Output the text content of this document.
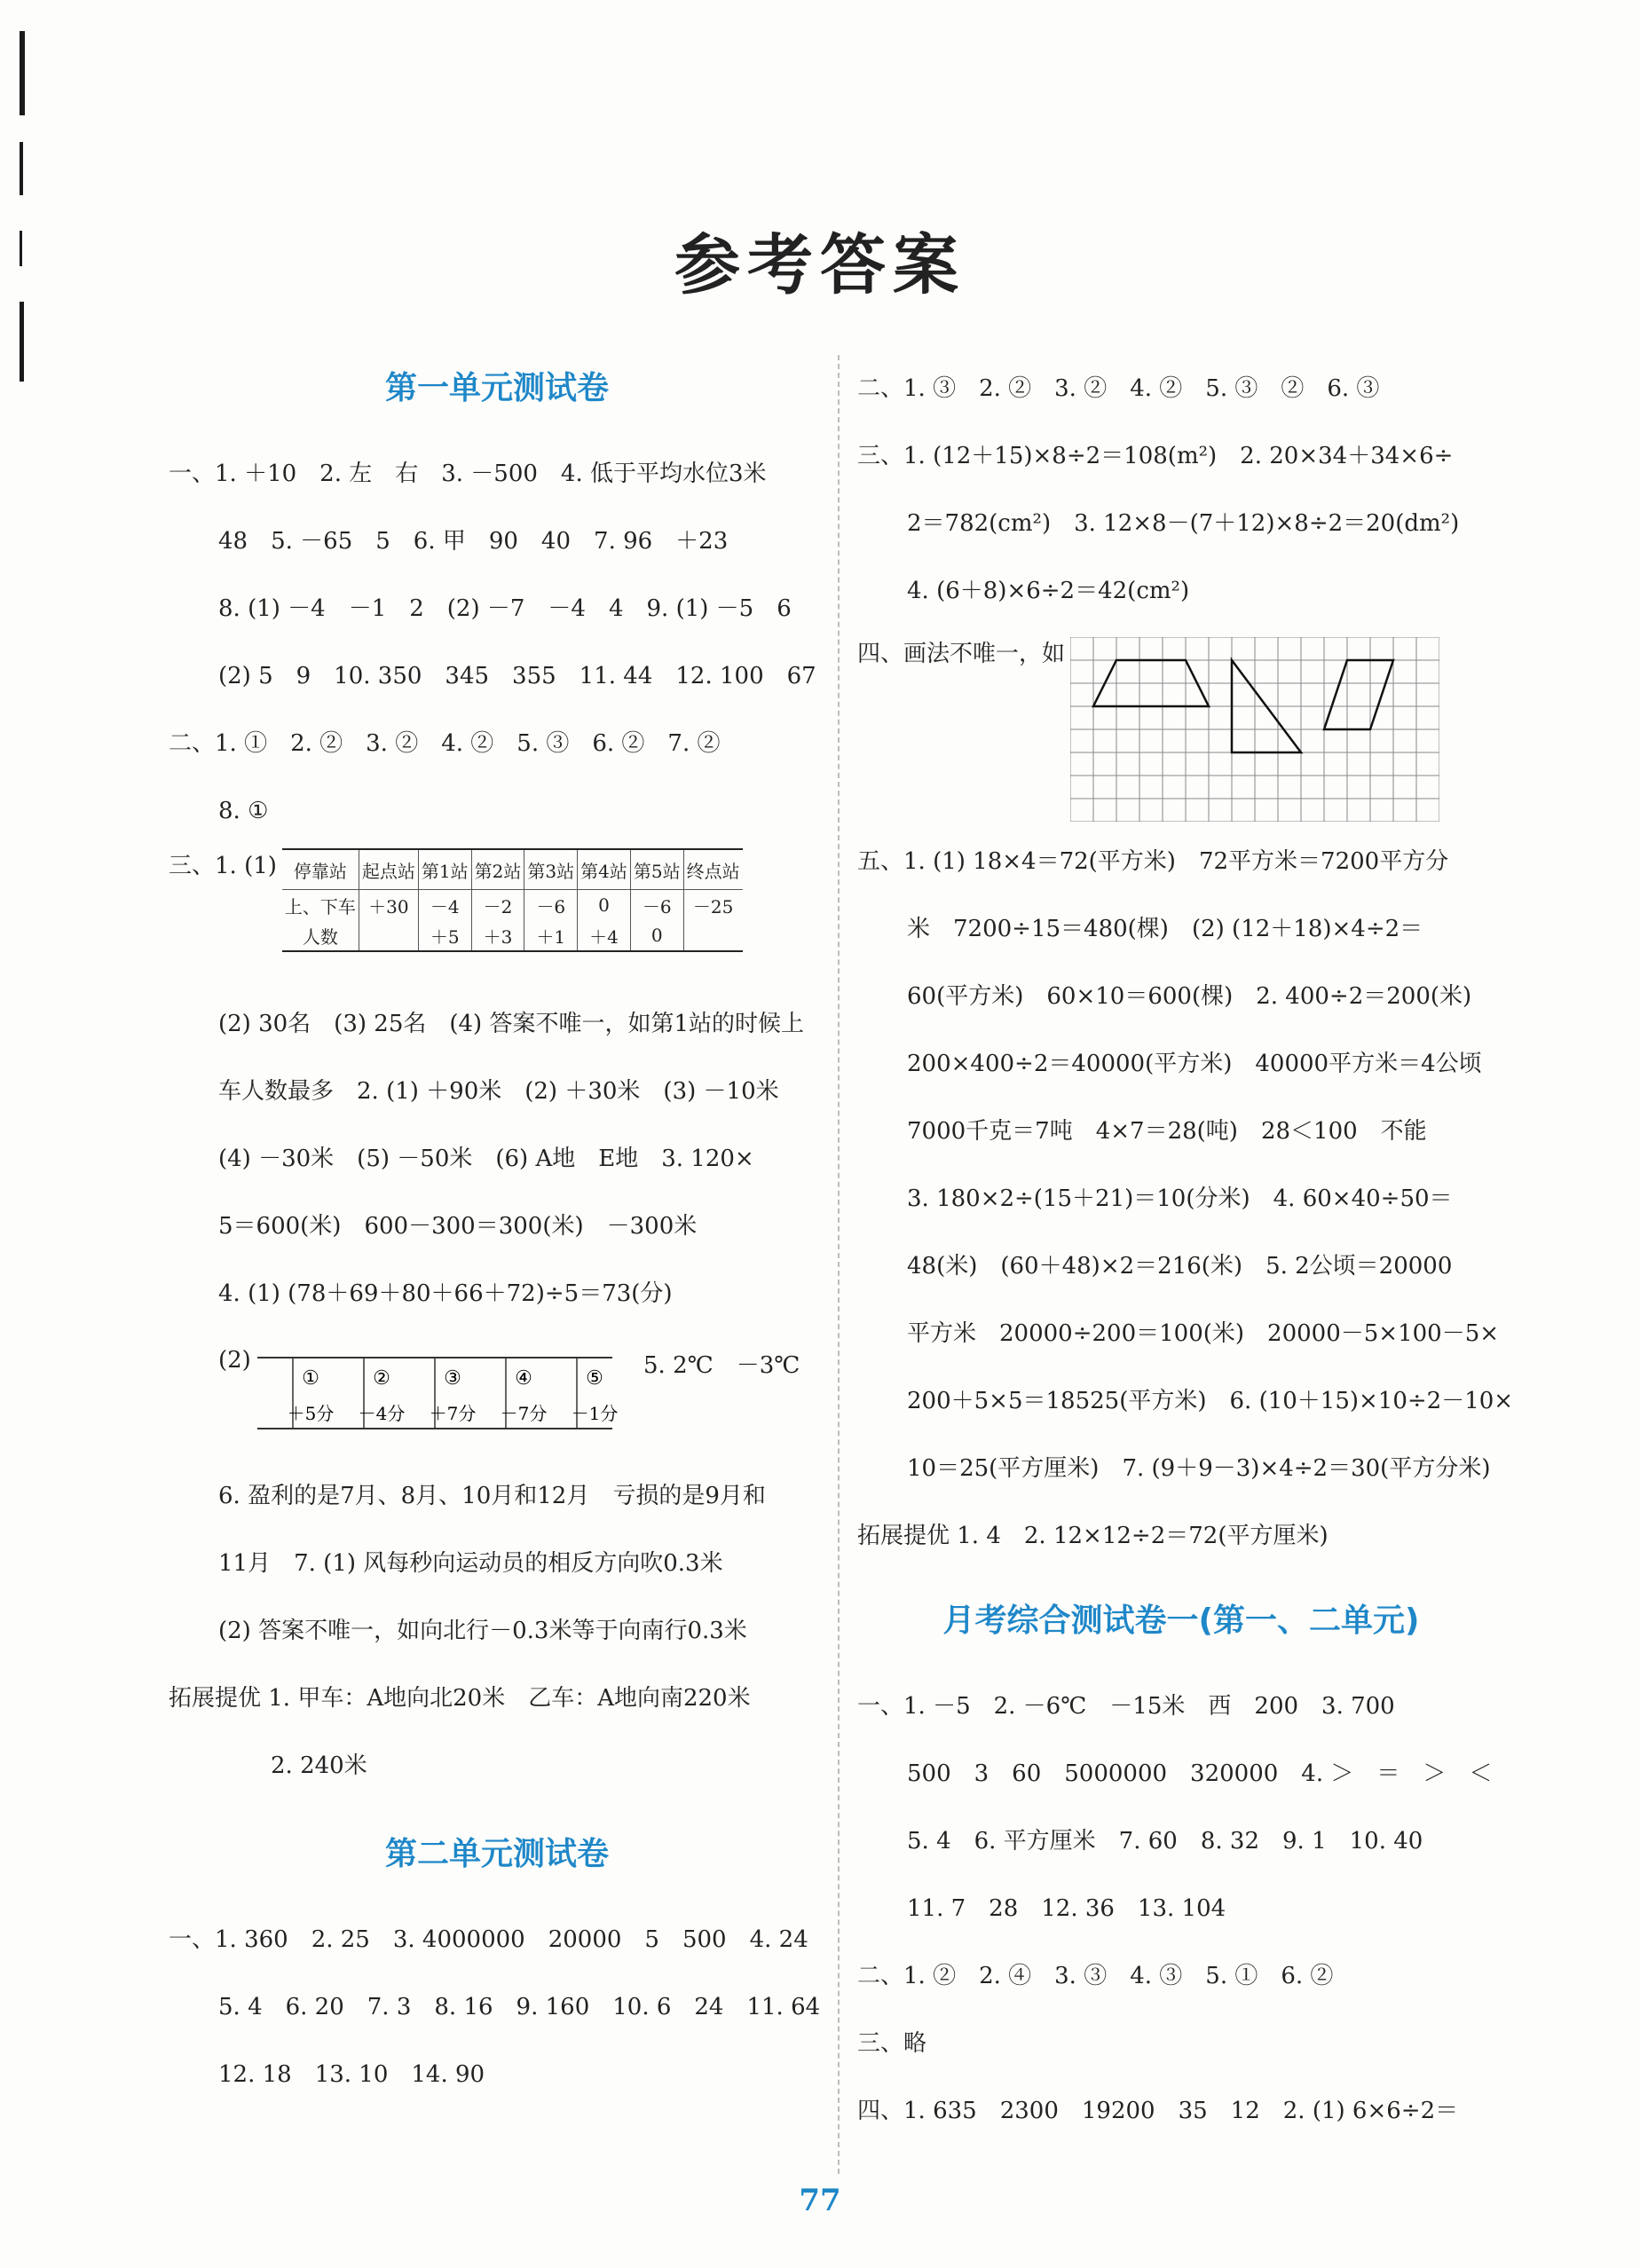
参考答案
第一单元测试卷

一、1. ＋10　2. 左　右　3. －500　4. 低于平均水位3米

48　5. －65　5　6. 甲　90　40　7. 96　＋23

8. (1) －4　－1　2　(2) －7　－4　4　9. (1) －5　6

(2) 5　9　10. 350　345　355　11. 44　12. 100　67

二、1. ①　2. ②　3. ②　4. ②　5. ③　6. ②　7. ②

8. ①

三、1. (1) 停靠站	起点站	第1站	第2站	第3站	第4站	第5站	终点站
上、下车	＋30	－4	－2	－6	0	－6	－25
人数		＋5	＋3	＋1	＋4	0	

(2) 30名　(3) 25名　(4) 答案不唯一，如第1站的时候上

车人数最多　2. (1) ＋90米　(2) ＋30米　(3) －10米

(4) －30米　(5) －50米　(6) A地　E地　3. 120×

5＝600(米)　600－300＝300(米)　－300米

4. (1) (78＋69＋80＋66＋72)÷5＝73(分)

(2)
①	②	③	④	⑤
＋5分 －4分 ＋7分 －7分 －1分
5. 2℃　－3℃

6. 盈利的是7月、8月、10月和12月　亏损的是9月和

11月　7. (1) 风每秒向运动员的相反方向吹0.3米

(2) 答案不唯一，如向北行－0.3米等于向南行0.3米

拓展提优 1. 甲车：A地向北20米　乙车：A地向南220米

2. 240米

第二单元测试卷

一、1. 360　2. 25　3. 4000000　20000　5　500　4. 24

5. 4　6. 20　7. 3　8. 16　9. 160　10. 6　24　11. 64

12. 18　13. 10　14. 90

二、1. ③　2. ②　3. ②　4. ②　5. ③　②　6. ③

三、1. (12＋15)×8÷2＝108(m²)　2. 20×34＋34×6÷

2＝782(cm²)　3. 12×8－(7＋12)×8÷2＝20(dm²)

4. (6＋8)×6÷2＝42(cm²)

四、画法不唯一，如

五、1. (1) 18×4＝72(平方米)　72平方米＝7200平方分

米　7200÷15＝480(棵)　(2) (12＋18)×4÷2＝

60(平方米)　60×10＝600(棵)　2. 400÷2＝200(米)

200×400÷2＝40000(平方米)　40000平方米＝4公顷

7000千克＝7吨　4×7＝28(吨)　28＜100　不能

3. 180×2÷(15＋21)＝10(分米)　4. 60×40÷50＝

48(米)　(60＋48)×2＝216(米)　5. 2公顷＝20000

平方米　20000÷200＝100(米)　20000－5×100－5×

200＋5×5＝18525(平方米)　6. (10＋15)×10÷2－10×

10＝25(平方厘米)　7. (9＋9－3)×4÷2＝30(平方分米)

拓展提优 1. 4　2. 12×12÷2＝72(平方厘米)

月考综合测试卷一(第一、二单元)

一、1. －5　2. －6℃　－15米　西　200　3. 700

500　3　60　5000000　320000　4. ＞　＝　＞　＜

5. 4　6. 平方厘米　7. 60　8. 32　9. 1　10. 40

11. 7　28　12. 36　13. 104

二、1. ②　2. ④　3. ③　4. ③　5. ①　6. ②

三、略

四、1. 635　2300　19200　35　12　2. (1) 6×6÷2＝

77
